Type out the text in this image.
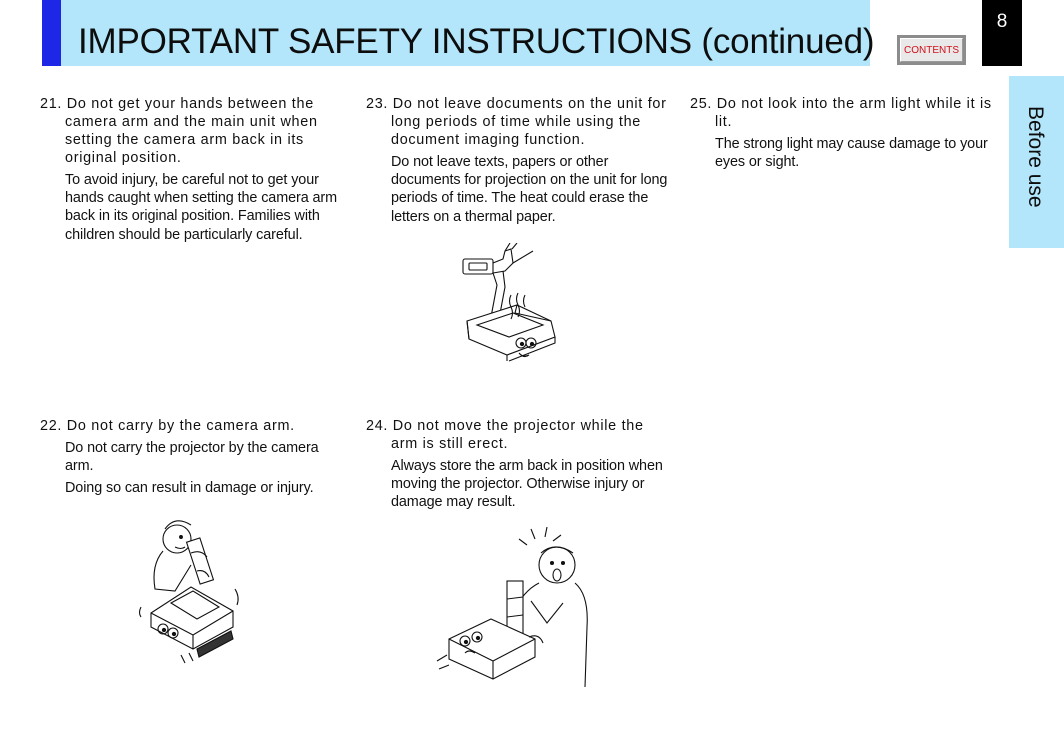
IMPORTANT SAFETY INSTRUCTIONS (continued)	CONTENTS
8
Before use
21. Do not get your hands between the camera arm and the main unit when setting the camera arm back in its original position.

To avoid injury, be careful not to get your hands caught when setting the camera arm back in its original position. Families with children should be particularly careful.

22. Do not carry by the camera arm.

Do not carry the projector by the camera arm.

Doing so can result in damage or injury.

23. Do not leave documents on the unit for long periods of time while using the document imaging function.

Do not leave texts, papers or other documents for projection on the unit for long periods of time. The heat could erase the letters on a thermal paper.

24. Do not move the projector while the arm is still erect.

Always store the arm back in position when moving the projector. Otherwise injury or damage may result.

25. Do not look into the arm light while it is lit.

The strong light may cause damage to your eyes or sight.
